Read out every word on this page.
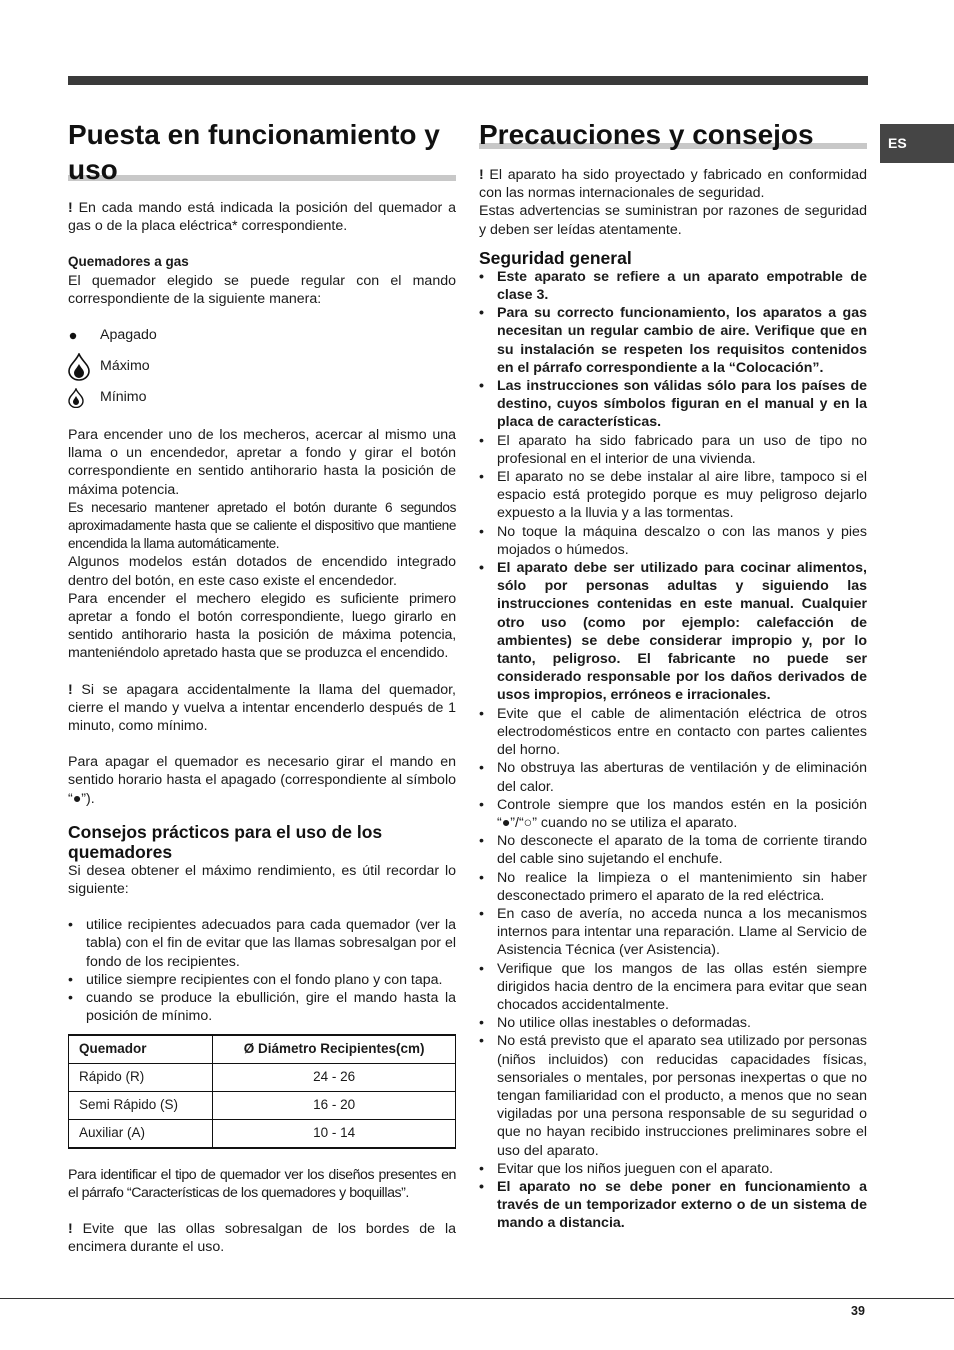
ES
Puesta en funcionamiento y uso

! En cada mando está indicada la posición del quemador a gas o de la placa eléctrica* correspondiente.

Quemadores a gas

El quemador elegido se puede regular con el mando correspondiente de la siguiente manera:

Apagado
Máximo
Mínimo

Para encender uno de los mecheros, acercar al mismo una llama o un encendedor, apretar a fondo y girar el botón correspondiente en sentido antihorario hasta la posición de máxima potencia.

Es necesario mantener apretado el botón durante 6 segundos aproximadamente hasta que se caliente el dispositivo que mantiene encendida la llama automáticamente.

Algunos modelos están dotados de encendido integrado dentro del botón, en este caso existe el encendedor.

Para encender el mechero elegido es suficiente primero apretar a fondo el botón correspondiente, luego girarlo en sentido antihorario hasta la posición de máxima potencia, manteniéndolo apretado hasta que se produzca el encendido.

! Si se apagara accidentalmente la llama del quemador, cierre el mando y vuelva a intentar encenderlo después de 1 minuto, como mínimo.

Para apagar el quemador es necesario girar el mando en sentido horario hasta el apagado (correspondiente al símbolo “●”).

Consejos prácticos para el uso de los quemadores

Si desea obtener el máximo rendimiento, es útil recordar lo siguiente:

• utilice recipientes adecuados para cada quemador (ver la tabla) con el fin de evitar que las llamas sobresalgan por el fondo de los recipientes.
• utilice siempre recipientes con el fondo plano y con tapa.
• cuando se produce la ebullición, gire el mando hasta la posición de mínimo.
Quemador	Ø Diámetro Recipientes(cm)
Rápido (R)	24 - 26
Semi Rápido (S)	16 - 20
Auxiliar (A)	10 - 14

Para identificar el tipo de quemador ver los diseños presentes en el párrafo “Características de los quemadores y boquillas”.

! Evite que las ollas sobresalgan de los bordes de la encimera durante el uso.

Precauciones y consejos

! El aparato ha sido proyectado y fabricado en conformidad con las normas internacionales de seguridad.

Estas advertencias se suministran por razones de seguridad y deben ser leídas atentamente.

Seguridad general
• Este aparato se refiere a un aparato empotrable de clase 3.
• Para su correcto funcionamiento, los aparatos a gas necesitan un regular cambio de aire. Verifique que en su instalación se respeten los requisitos contenidos en el párrafo correspondiente a la “Colocación”.
• Las instrucciones son válidas sólo para los países de destino, cuyos símbolos figuran en el manual y en la placa de características.
• El aparato ha sido fabricado para un uso de tipo no profesional en el interior de una vivienda.
• El aparato no se debe instalar al aire libre, tampoco si el espacio está protegido porque es muy peligroso dejarlo expuesto a la lluvia y a las tormentas.
• No toque la máquina descalzo o con las manos y pies mojados o húmedos.
• El aparato debe ser utilizado para cocinar alimentos, sólo por personas adultas y siguiendo las instrucciones contenidas en este manual. Cualquier otro uso (como por ejemplo: calefacción de ambientes) se debe considerar impropio y, por lo tanto, peligroso. El fabricante no puede ser considerado responsable por los daños derivados de usos impropios, erróneos e irracionales.
• Evite que el cable de alimentación eléctrica de otros electrodomésticos entre en contacto con partes calientes del horno.
• No obstruya las aberturas de ventilación y de eliminación del calor.
• Controle siempre que los mandos estén en la posición “●”/“○” cuando no se utiliza el aparato.
• No desconecte el aparato de la toma de corriente tirando del cable sino sujetando el enchufe.
• No realice la limpieza o el mantenimiento sin haber desconectado primero el aparato de la red eléctrica.
• En caso de avería, no acceda nunca a los mecanismos internos para intentar una reparación. Llame al Servicio de Asistencia Técnica (ver Asistencia).
• Verifique que los mangos de las ollas estén siempre dirigidos hacia dentro de la encimera para evitar que sean chocados accidentalmente.
• No utilice ollas inestables o deformadas.
• No está previsto que el aparato sea utilizado por personas (niños incluidos) con reducidas capacidades físicas, sensoriales o mentales, por personas inexpertas o que no tengan familiaridad con el producto, a menos que no sean vigiladas por una persona responsable de su seguridad o que no hayan recibido instrucciones preliminares sobre el uso del aparato.
• Evitar que los niños jueguen con el aparato.
• El aparato no se debe poner en funcionamiento a través de un temporizador externo o de un sistema de mando a distancia.
39
